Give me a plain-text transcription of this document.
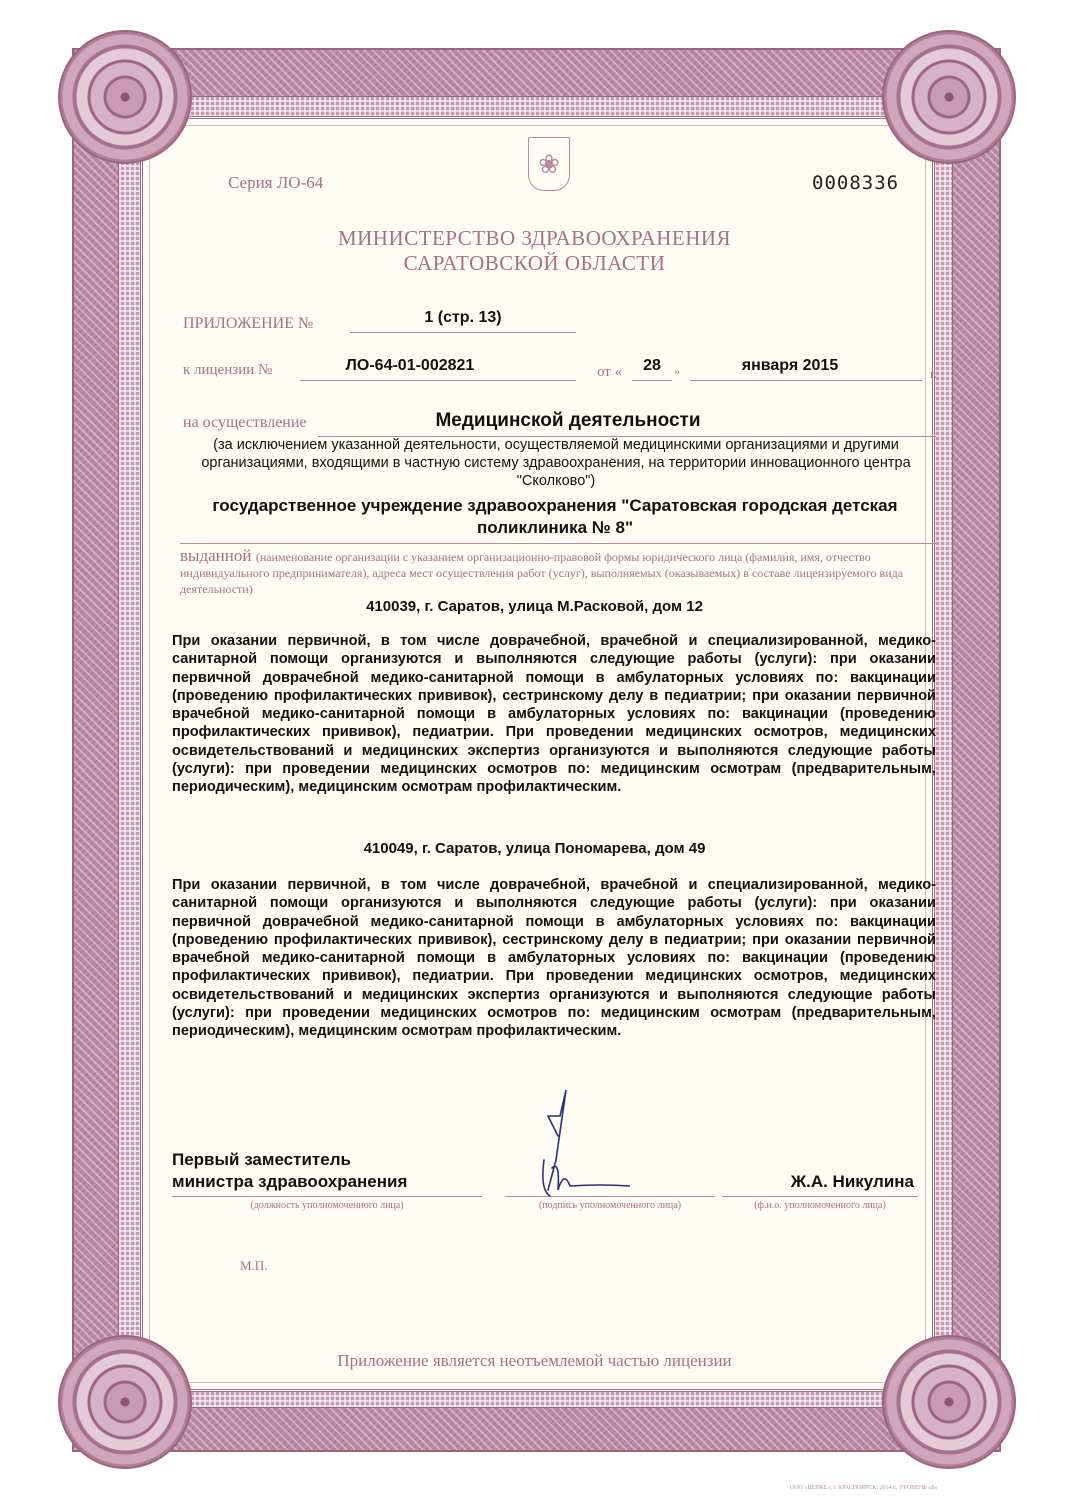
❀
Серия ЛО-64	0008336
МИНИСТЕРСТВО ЗДРАВООХРАНЕНИЯ
САРАТОВСКОЙ ОБЛАСТИ
ПРИЛОЖЕНИЕ №	1 (стр. 13)
к лицензии №	ЛО-64-01-002821	от «	28	»	января 2015	г.
на осуществление	Медицинской деятельности
(за исключением указанной деятельности, осуществляемой медицинскими организациями и другими организациями, входящими в частную систему здравоохранения, на территории инновационного центра "Сколково")
государственное учреждение здравоохранения "Саратовская городская детская поликлиника № 8"
выданной (наименование организации с указанием организационно-правовой формы юридического лица (фамилия, имя, отчество индивидуального предпринимателя), адреса мест осуществления работ (услуг), выполняемых (оказываемых) в составе лицензируемого вида деятельности)
410039, г. Саратов, улица М.Расковой, дом 12
При оказании первичной, в том числе доврачебной, врачебной и специализированной, медико-санитарной помощи организуются и выполняются следующие работы (услуги): при оказании первичной доврачебной медико-санитарной помощи в амбулаторных условиях по: вакцинации (проведению профилактических прививок), сестринскому делу в педиатрии; при оказании первичной врачебной медико-санитарной помощи в амбулаторных условиях по: вакцинации (проведению профилактических прививок), педиатрии. При проведении медицинских осмотров, медицинских освидетельствований и медицинских экспертиз организуются и выполняются следующие работы (услуги): при проведении медицинских осмотров по: медицинским осмотрам (предварительным, периодическим), медицинским осмотрам профилактическим.
410049, г. Саратов, улица Пономарева, дом 49
При оказании первичной, в том числе доврачебной, врачебной и специализированной, медико-санитарной помощи организуются и выполняются следующие работы (услуги): при оказании первичной доврачебной медико-санитарной помощи в амбулаторных условиях по: вакцинации (проведению профилактических прививок), сестринскому делу в педиатрии; при оказании первичной врачебной медико-санитарной помощи в амбулаторных условиях по: вакцинации (проведению профилактических прививок), педиатрии. При проведении медицинских осмотров, медицинских освидетельствований и медицинских экспертиз организуются и выполняются следующие работы (услуги): при проведении медицинских осмотров по: медицинским осмотрам (предварительным, периодическим), медицинским осмотрам профилактическим.
Первый заместитель
министра здравоохранения
(должность уполномоченного лица)	(подпись уполномоченного лица)
Ж.А. Никулина
(ф.и.о. уполномоченного лица)
М.П.
Приложение является неотъемлемой частью лицензии
ООО «ВЕРЖЕ», г. КРАСНОЯРСК, 2014 г., УРОВЕНЬ «Б»
